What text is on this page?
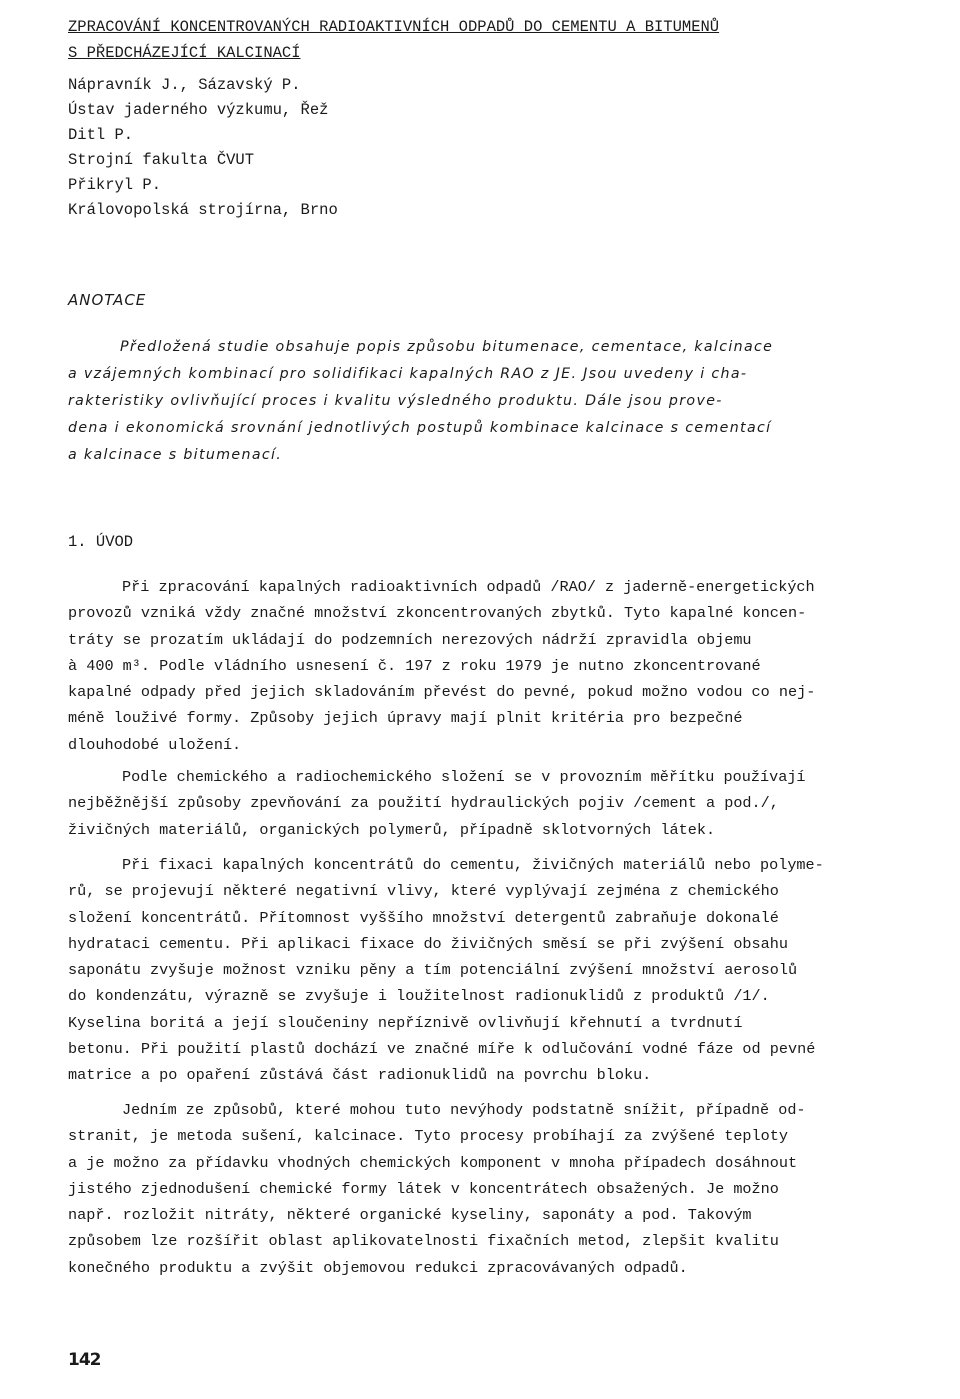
ZPRACOVÁNÍ KONCENTROVANÝCH RADIOAKTIVNÍCH ODPADŮ DO CEMENTU A BITUMENŮ
S PŘEDCHÁZEJÍCÍ KALCINACÍ
Nápravník J., Sázavský P.
Ústav jaderného výzkumu, Řež
Ditl P.
Strojní fakulta ČVUT
Přikryl P.
Královopolská strojírna, Brno
ANOTACE
Předložená studie obsahuje popis způsobu bitumenace, cementace, kalcinace
a vzájemných kombinací pro solidifikaci kapalných RAO z JE. Jsou uvedeny i cha-
rakteristiky ovlivňující proces i kvalitu výsledného produktu. Dále jsou prove-
dena i ekonomická srovnání jednotlivých postupů kombinace kalcinace s cementací
a kalcinace s bitumenací.
1. ÚVOD
Při zpracování kapalných radioaktivních odpadů /RAO/ z jaderně-energetických
provozů vzniká vždy značné množství zkoncentrovaných zbytků. Tyto kapalné koncen-
tráty se prozatím ukládají do podzemních nerezových nádrží zpravidla objemu
à 400 m³. Podle vládního usnesení č. 197 z roku 1979 je nutno zkoncentrované
kapalné odpady před jejich skladováním převést do pevné, pokud možno vodou co nej-
méně louživé formy. Způsoby jejich úpravy mají plnit kritéria pro bezpečné
dlouhodobé uložení.
Podle chemického a radiochemického složení se v provozním měřítku používají
nejběžnější způsoby zpevňování za použití hydraulických pojiv /cement a pod./,
živičných materiálů, organických polymerů, případně sklotvorných látek.
Při fixaci kapalných koncentrátů do cementu, živičných materiálů nebo polyme-
rů, se projevují některé negativní vlivy, které vyplývají zejména z chemického
složení koncentrátů. Přítomnost vyššího množství detergentů zabraňuje dokonalé
hydrataci cementu. Při aplikaci fixace do živičných směsí se při zvýšení obsahu
saponátu zvyšuje možnost vzniku pěny a tím potenciální zvýšení množství aerosolů
do kondenzátu, výrazně se zvyšuje i loužitelnost radionuklidů z produktů /1/.
Kyselina boritá a její sloučeniny nepříznivě ovlivňují křehnutí a tvrdnutí
betonu. Při použití plastů dochází ve značné míře k odlučování vodné fáze od pevné
matrice a po opaření zůstává část radionuklidů na povrchu bloku.
Jedním ze způsobů, které mohou tuto nevýhody podstatně snížit, případně od-
stranit, je metoda sušení, kalcinace. Tyto procesy probíhají za zvýšené teploty
a je možno za přídavku vhodných chemických komponent v mnoha případech dosáhnout
jistého zjednodušení chemické formy látek v koncentrátech obsažených. Je možno
např. rozložit nitráty, některé organické kyseliny, saponáty a pod. Takovým
způsobem lze rozšířit oblast aplikovatelnosti fixačních metod, zlepšit kvalitu
konečného produktu a zvýšit objemovou redukci zpracovávaných odpadů.
142
